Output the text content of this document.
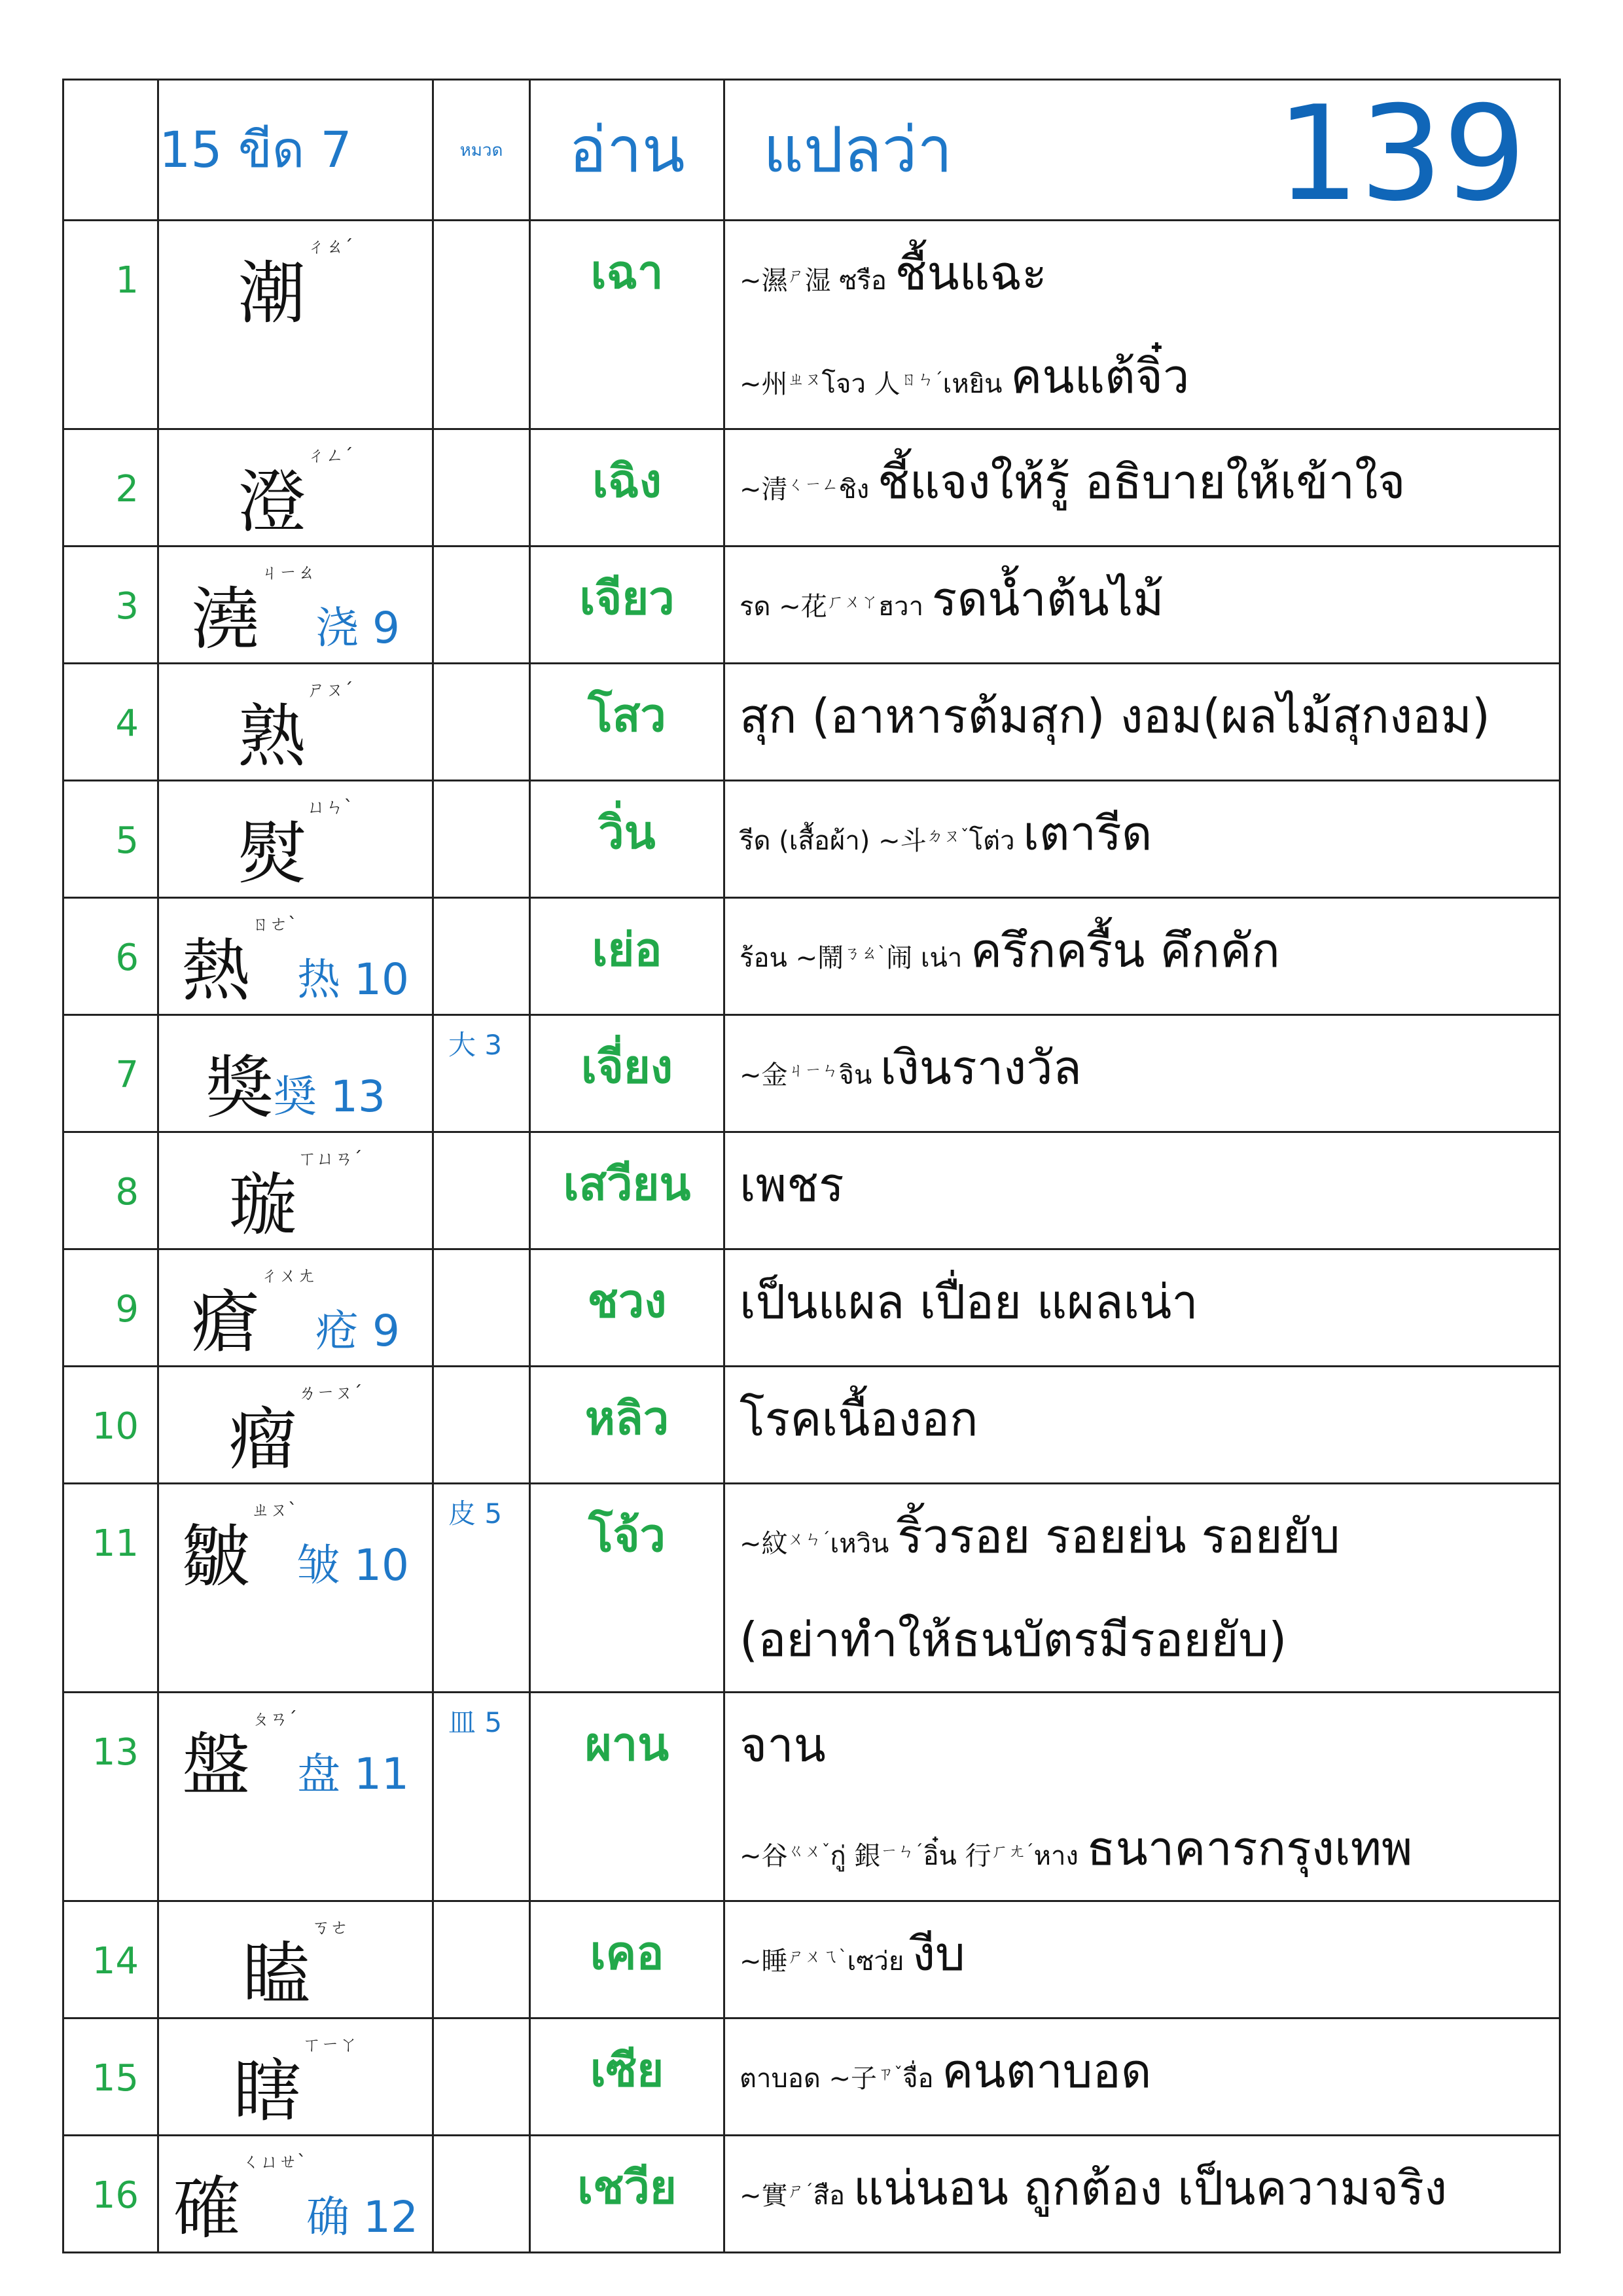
	15 ขีด 7	หมวด	อ่าน	แปลว่า 139

1	潮ㄔㄠˊ		เฉา	~濕ㄕ湿 ซรือ ชื้นแฉะ
~州ㄓㄡโจว 人ㄖㄣˊเหยิน คนแต้จิ๋ว

2	澄ㄔㄥˊ		เฉิง	~清ㄑㄧㄥชิง ชี้แจงให้รู้ อธิบายให้เข้าใจ

3	澆ㄐㄧㄠ浇 9		เจียว	รด ~花ㄏㄨㄚฮวา รดน้ำต้นไม้

4	熟ㄕㄡˊ		โสว	สุก (อาหารต้มสุก) งอม(ผลไม้สุกงอม)

5	熨ㄩㄣˋ		วิ่น	รีด (เสื้อผ้า) ~斗ㄉㄡˇโต่ว เตารีด

6	熱ㄖㄜˋ热 10		เย่อ	ร้อน ~鬧ㄋㄠˋ闹 เน่า ครึกครื้น คึกคัก

7	獎奨 13	大 3	เจี่ยง	~金ㄐㄧㄣจิน เงินรางวัล

8	璇ㄒㄩㄢˊ		เสวียน	เพชร

9	瘡ㄔㄨㄤ疮 9		ชวง	เป็นแผล เปื่อย แผลเน่า

10	瘤ㄌㄧㄡˊ		หลิว	โรคเนื้องอก

11	皺ㄓㄡˋ皱 10	皮 5	โจ้ว	~紋ㄨㄣˊเหวิน ริ้วรอย รอยย่น รอยยับ
(อย่าทำให้ธนบัตรมีรอยยับ)

13	盤ㄆㄢˊ盘 11	皿 5	ผาน	จาน
~谷ㄍㄨˇกู่ 銀ㄧㄣˊอิ๋น 行ㄏㄤˊหาง ธนาคารกรุงเทพ

14	瞌ㄎㄜ		เคอ	~睡ㄕㄨㄟˋเซว่ย งีบ

15	瞎ㄒㄧㄚ		เซีย	ตาบอด ~子ㄗˇจื่อ คนตาบอด

16	確ㄑㄩㄝˋ确 12		เชวีย	~實ㄕˊสือ แน่นอน ถูกต้อง เป็นความจริง
